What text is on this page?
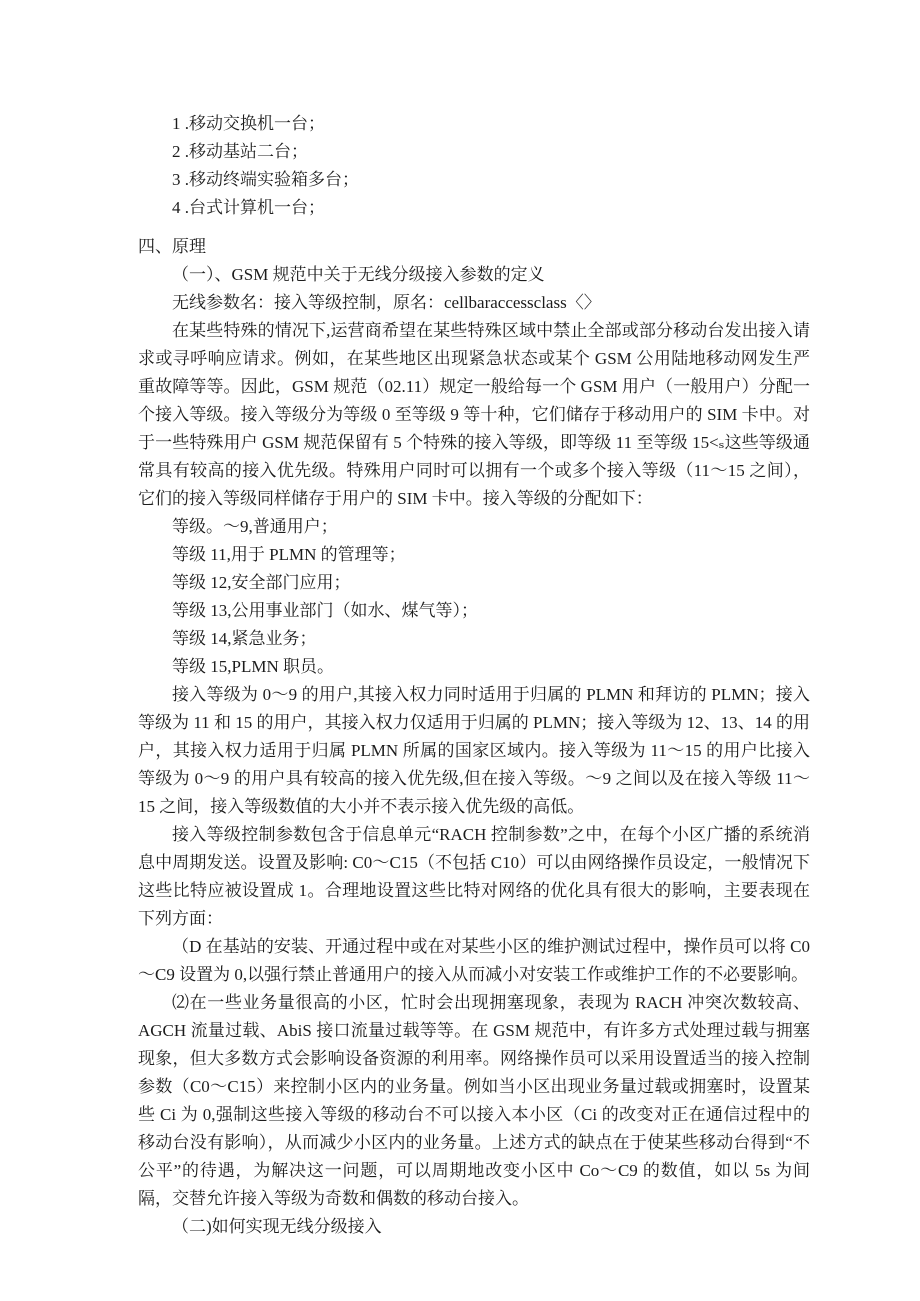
1 .移动交换机一台；

2 .移动基站二台；

3 .移动终端实验箱多台；

4 .台式计算机一台；

四、原理

（一）、GSM 规范中关于无线分级接入参数的定义

无线参数名：接入等级控制，原名：cellbaraccessclass〈〉

在某些特殊的情况下,运营商希望在某些特殊区域中禁止全部或部分移动台发出接入请求或寻呼响应请求。例如，在某些地区出现紧急状态或某个 GSM 公用陆地移动网发生严重故障等等。因此，GSM 规范（02.11）规定一般给每一个 GSM 用户（一般用户）分配一个接入等级。接入等级分为等级 0 至等级 9 等十种，它们储存于移动用户的 SIM 卡中。对于一些特殊用户 GSM 规范保留有 5 个特殊的接入等级，即等级 11 至等级 15<ₛ这些等级通常具有较高的接入优先级。特殊用户同时可以拥有一个或多个接入等级（11～15 之间），它们的接入等级同样储存于用户的 SIM 卡中。接入等级的分配如下：

等级。～9,普通用户；

等级 11,用于 PLMN 的管理等；

等级 12,安全部门应用；

等级 13,公用事业部门（如水、煤气等）；

等级 14,紧急业务；

等级 15,PLMN 职员。

接入等级为 0～9 的用户,其接入权力同时适用于归属的 PLMN 和拜访的 PLMN；接入等级为 11 和 15 的用户，其接入权力仅适用于归属的 PLMN；接入等级为 12、13、14 的用户，其接入权力适用于归属 PLMN 所属的国家区域内。接入等级为 11～15 的用户比接入等级为 0～9 的用户具有较高的接入优先级,但在接入等级。～9 之间以及在接入等级 11～15 之间，接入等级数值的大小并不表示接入优先级的高低。

接入等级控制参数包含于信息单元“RACH 控制参数”之中，在每个小区广播的系统消息中周期发送。设置及影响: C0～C15（不包括 C10）可以由网络操作员设定，一般情况下这些比特应被设置成 1。合理地设置这些比特对网络的优化具有很大的影响，主要表现在下列方面：

（D 在基站的安装、开通过程中或在对某些小区的维护测试过程中，操作员可以将 C0～C9 设置为 0,以强行禁止普通用户的接入从而减小对安装工作或维护工作的不必要影响。

⑵在一些业务量很高的小区，忙时会出现拥塞现象，表现为 RACH 冲突次数较高、AGCH 流量过载、AbiS 接口流量过载等等。在 GSM 规范中，有许多方式处理过载与拥塞现象，但大多数方式会影响设备资源的利用率。网络操作员可以采用设置适当的接入控制参数（C0～C15）来控制小区内的业务量。例如当小区出现业务量过载或拥塞时，设置某些 Ci 为 0,强制这些接入等级的移动台不可以接入本小区（Ci 的改变对正在通信过程中的移动台没有影响），从而减少小区内的业务量。上述方式的缺点在于使某些移动台得到“不公平”的待遇，为解决这一问题，可以周期地改变小区中 Co～C9 的数值，如以 5s 为间隔，交替允许接入等级为奇数和偶数的移动台接入。

（二)如何实现无线分级接入
